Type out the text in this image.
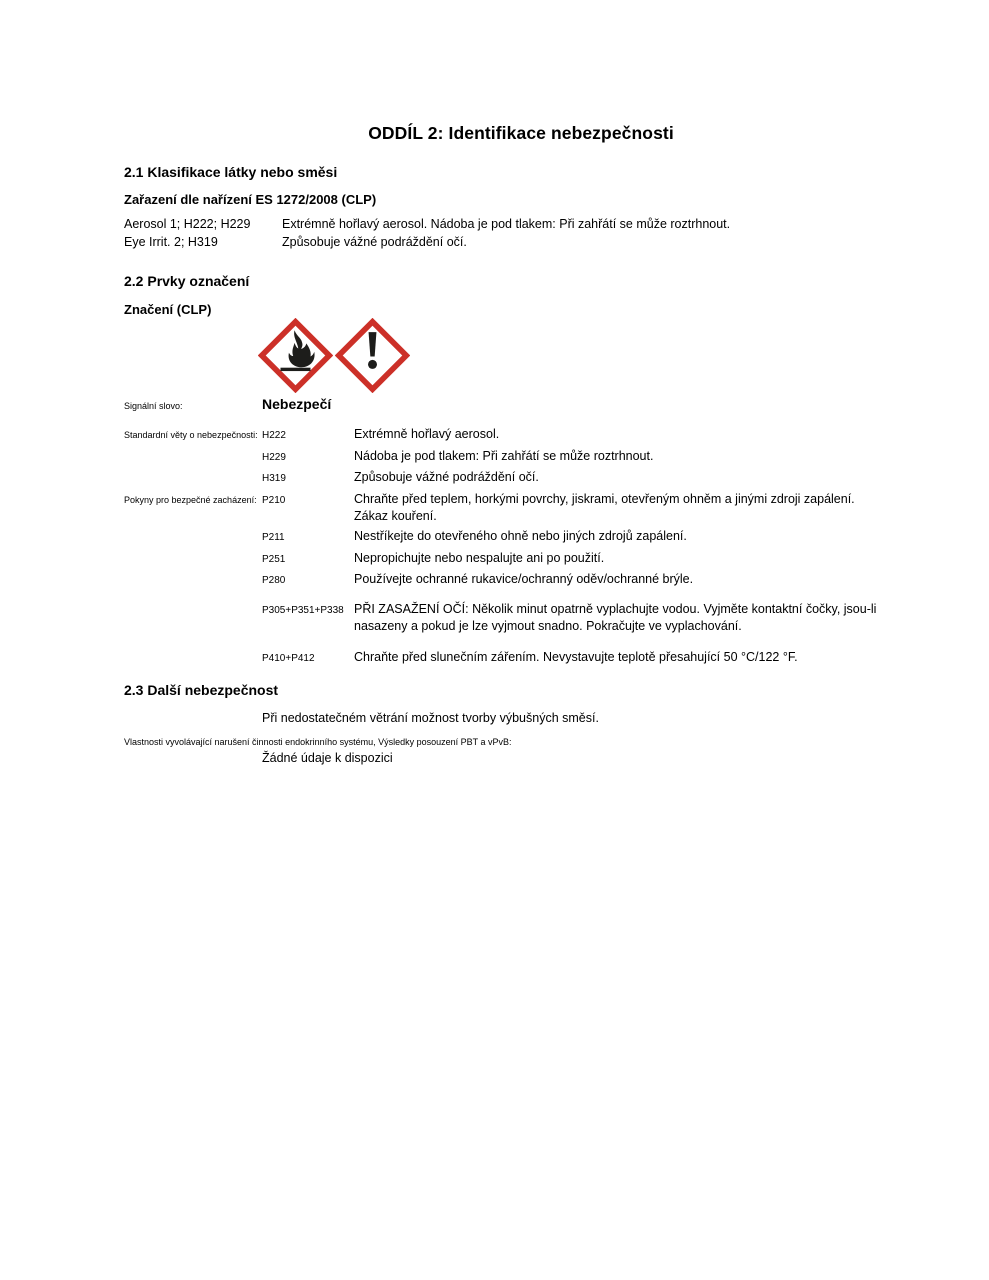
ODDÍL 2: Identifikace nebezpečnosti
2.1 Klasifikace látky nebo směsi
Zařazení dle nařízení ES 1272/2008 (CLP)
Aerosol 1; H222; H229	Extrémně hořlavý aerosol. Nádoba je pod tlakem: Při zahřátí se může roztrhnout.
Eye Irrit. 2; H319	Způsobuje vážné podráždění očí.
2.2 Prvky označení
Značení (CLP)
Signální slovo:	Nebezpečí
Standardní věty o nebezpečnosti: H222	Extrémně hořlavý aerosol.
H229	Nádoba je pod tlakem: Při zahřátí se může roztrhnout.
H319	Způsobuje vážné podráždění očí.
Pokyny pro bezpečné zacházení: P210	Chraňte před teplem, horkými povrchy, jiskrami, otevřeným ohněm a jinými zdroji zapálení. Zákaz kouření.
P211	Nestříkejte do otevřeného ohně nebo jiných zdrojů zapálení.
P251	Nepropichujte nebo nespalujte ani po použití.
P280	Používejte ochranné rukavice/ochranný oděv/ochranné brýle.
P305+P351+P338 PŘI ZASAŽENÍ OČÍ: Několik minut opatrně vyplachujte vodou. Vyjměte kontaktní čočky, jsou-li nasazeny a pokud je lze vyjmout snadno. Pokračujte ve vyplachování.
P410+P412	Chraňte před slunečním zářením. Nevystavujte teplotě přesahující 50 °C/122 °F.
2.3 Další nebezpečnost
Při nedostatečném větrání možnost tvorby výbušných směsí.
Vlastnosti vyvolávající narušení činnosti endokrinního systému, Výsledky posouzení PBT a vPvB:
Žádné údaje k dispozici
